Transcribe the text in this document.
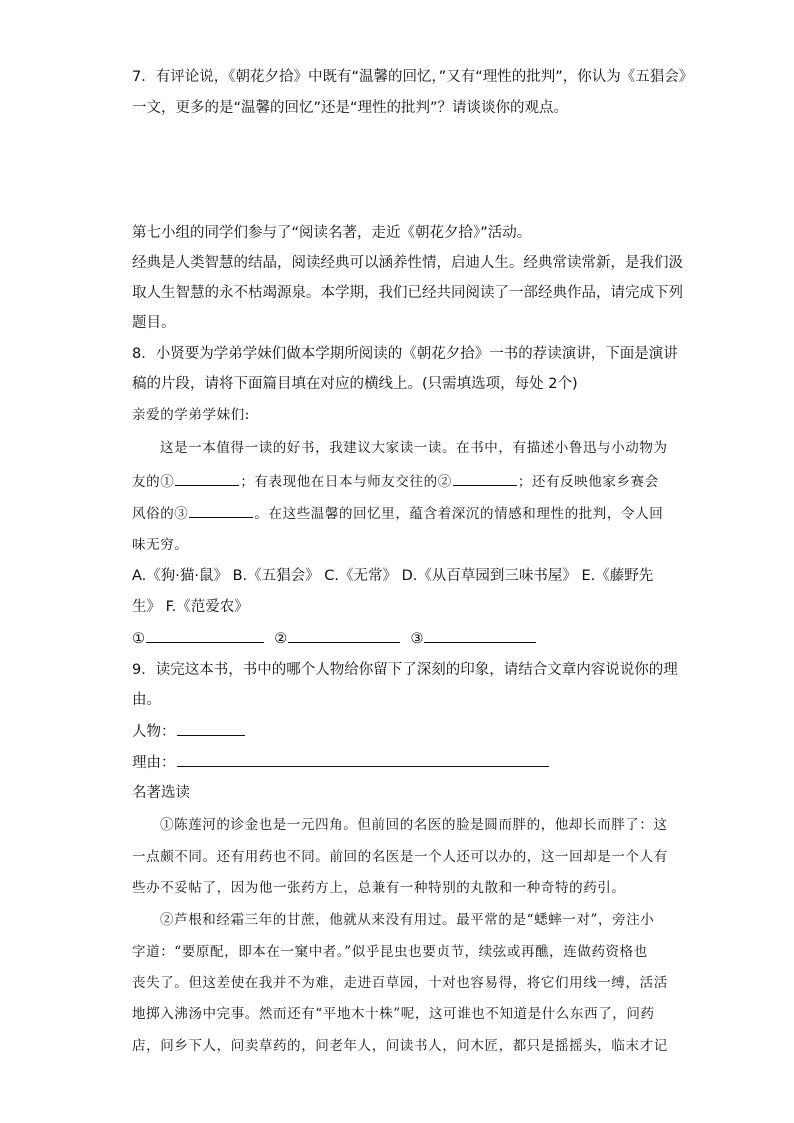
7．有评论说，《朝花夕拾》中既有“温馨的回忆，”又有“理性的批判”，你认为《五猖会》
一文，更多的是“温馨的回忆”还是“理性的批判”？请谈谈你的观点。
第七小组的同学们参与了“阅读名著，走近《朝花夕拾》”活动。
经典是人类智慧的结晶，阅读经典可以涵养性情，启迪人生。经典常读常新，是我们汲
取人生智慧的永不枯竭源泉。本学期，我们已经共同阅读了一部经典作品，请完成下列
题目。
8．小贤要为学弟学妹们做本学期所阅读的《朝花夕拾》一书的荐读演讲，下面是演讲
稿的片段，请将下面篇目填在对应的横线上。(只需填选项，每处 2个)
亲爱的学弟学妹们:
这是一本值得一读的好书，我建议大家读一读。在书中，有描述小鲁迅与小动物为
友的①	；有表现他在日本与师友交往的②	；还有反映他家乡赛会
风俗的③	。在这些温馨的回忆里，蕴含着深沉的情感和理性的批判，令人回
味无穷。
A.《狗·猫·鼠》 B.《五猖会》 C.《无常》 D.《从百草园到三味书屋》 E.《藤野先
生》 F.《范爱农》
①	②	③
9．读完这本书，书中的哪个人物给你留下了深刻的印象，请结合文章内容说说你的理
由。
人物：
理由：
名著选读
①陈莲河的诊金也是一元四角。但前回的名医的脸是圆而胖的，他却长而胖了：这
一点颇不同。还有用药也不同。前回的名医是一个人还可以办的，这一回却是一个人有
些办不妥帖了，因为他一张药方上，总兼有一种特别的丸散和一种奇特的药引。
②芦根和经霜三年的甘蔗，他就从来没有用过。最平常的是“蟋蟀一对”，旁注小
字道：“要原配，即本在一窠中者。”似乎昆虫也要贞节，续弦或再醮，连做药资格也
丧失了。但这差使在我并不为难，走进百草园，十对也容易得，将它们用线一缚，活活
地掷入沸汤中完事。然而还有“平地木十株”呢，这可谁也不知道是什么东西了，问药
店，问乡下人，问卖草药的，问老年人，问读书人，问木匠，都只是摇摇头，临末才记
